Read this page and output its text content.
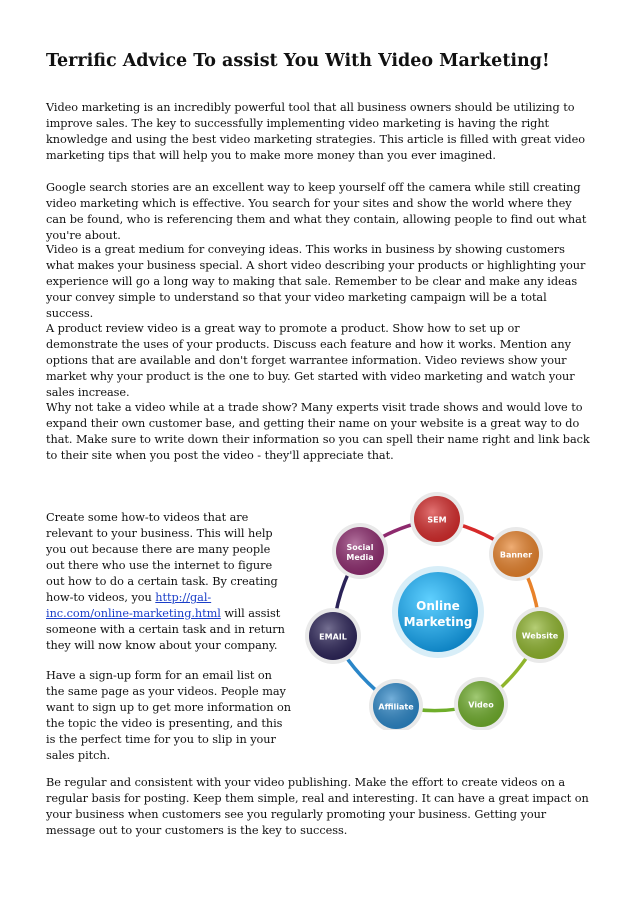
Terrific Advice To assist You With Video Marketing!

Video marketing is an incredibly powerful tool that all business owners should be utilizing to improve sales. The key to successfully implementing video marketing is having the right knowledge and using the best video marketing strategies. This article is filled with great video marketing tips that will help you to make more money than you ever imagined.

Google search stories are an excellent way to keep yourself off the camera while still creating video marketing which is effective. You search for your sites and show the world where they can be found, who is referencing them and what they contain, allowing people to find out what you're about.

Video is a great medium for conveying ideas. This works in business by showing customers what makes your business special. A short video describing your products or highlighting your experience will go a long way to making that sale. Remember to be clear and make any ideas your convey simple to understand so that your video marketing campaign will be a total success.

A product review video is a great way to promote a product. Show how to set up or demonstrate the uses of your products. Discuss each feature and how it works. Mention any options that are available and don't forget warrantee information. Video reviews show your market why your product is the one to buy. Get started with video marketing and watch your sales increase.

Why not take a video while at a trade show? Many experts visit trade shows and would love to expand their own customer base, and getting their name on your website is a great way to do that. Make sure to write down their information so you can spell their name right and link back to their site when you post the video - they'll appreciate that.

Create some how-to videos that are relevant to your business. This will help you out because there are many people out there who use the internet to figure out how to do a certain task. By creating how-to videos, you http://gal-inc.com/online-marketing.html will assist someone with a certain task and in return they will now know about your company.

Have a sign-up form for an email list on the same page as your videos. People may want to sign up to get more information on the topic the video is presenting, and this is the perfect time for you to slip in your sales pitch.

SEM
Banner
Website
Video
Affiliate
EMAIL
Social
Media
Online
Marketing

Be regular and consistent with your video publishing. Make the effort to create videos on a regular basis for posting. Keep them simple, real and interesting. It can have a great impact on your business when customers see you regularly promoting your business. Getting your message out to your customers is the key to success.
